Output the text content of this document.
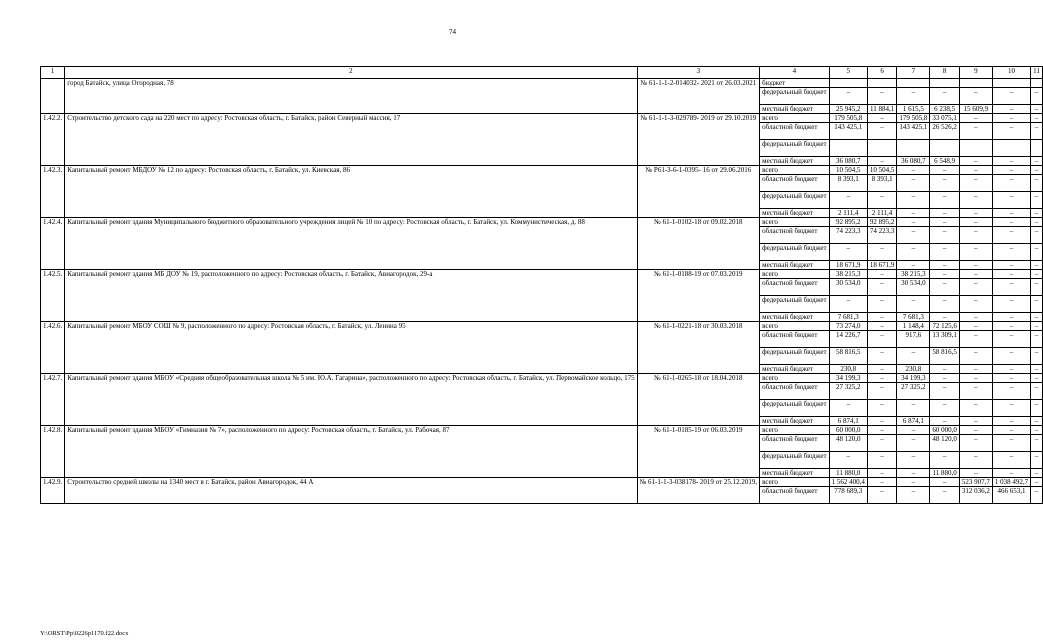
74
1	2	3	4	5	6	7	8	9	10	11
	город Батайск, улица Огородная, 78	№ 61-1-1-2-014032- 2021 от 26.03.2021	бюджет							
			федеральный бюджет	–	–	–	–	–	–	–
			местный бюджет	25 945,2	11 884,1	1 615,5	6 238,5	15 609,9	–	–
1.42.2.	Строительство детского сада на 220 мест по адресу: Ростовская область, г. Батайск, район Северный массив, 17	№ 61-1-1-3-029789- 2019 от 29.10.2019	всего	179 505,8	–	179 505,8	33 075,1	–	–	–
			областной бюджет	143 425,1	–	143 425,1	26 526,2	–	–	–
			федеральный бюджет							
			местный бюджет	36 080,7	–	36 080,7	6 548,9	–	–	–
1.42.3.	Капитальный ремонт МБДОУ № 12 по адресу: Ростовская область, г. Батайск, ул. Киевская, 86	№ Р61-3-6-1-0395- 16 от 29.06.2016	всего	10 504,5	10 504,5	–	–	–	–	–
			областной бюджет	8 393,1	8 393,1	–	–	–	–	–
			федеральный бюджет	–	–	–	–	–	–	–
			местный бюджет	2 111,4	2 111,4	–	–	–	–	–
1.42.4.	Капитальный ремонт здания Муниципального бюджетного образовательного учреждения лицей № 10 по адресу: Ростовская область, г. Батайск, ул. Коммунистическая, д. 88	№ 61-1-0102-18 от 09.02.2018	всего	92 895,2	92 895,2	–	–	–	–	–
			областной бюджет	74 223,3	74 223,3	–	–	–	–	–
			федеральный бюджет	–	–	–	–	–	–	–
			местный бюджет	18 671,9	18 671,9	–	–	–	–	–
1.42.5.	Капитальный ремонт здания МБ ДОУ № 19, расположенного по адресу: Ростовская область, г. Батайск, Авиагородок, 29-а	№ 61-1-0188-19 от 07.03.2019	всего	38 215,3	–	38 215,3	–	–	–	–
			областной бюджет	30 534,0	–	30 534,0	–	–	–	–
			федеральный бюджет	–	–	–	–	–	–	–
			местный бюджет	7 681,3	–	7 681,3	–	–	–	–
1.42.6.	Капитальный ремонт МБОУ СОШ № 9, расположенного по адресу: Ростовская область, г. Батайск, ул. Ленина 95	№ 61-1-0221-18 от 30.03.2018	всего	73 274,0	–	1 148,4	72 125,6	–	–	–
			областной бюджет	14 226,7	–	917,6	13 309,1	–	–	–
			федеральный бюджет	58 816,5	–	–	58 816,5	–	–	–
			местный бюджет	230,8	–	230,8	–	–	–	–
1.42.7.	Капитальный ремонт здания МБОУ «Средняя общеобразовательная школа № 5 им. Ю.А. Гагарина», расположенного по адресу: Ростовская область, г. Батайск, ул. Первомайское кольцо, 175	№ 61-1-0265-18 от 18.04.2018	всего	34 199,3	–	34 199,3	–	–	–	–
			областной бюджет	27 325,2	–	27 325,2	–	–	–	–
			федеральный бюджет	–	–	–	–	–	–	–
			местный бюджет	6 874,1	–	6 874,1	–	–	–	–
1.42.8.	Капитальный ремонт здания МБОУ «Гимназия № 7», расположенного по адресу: Ростовская область, г. Батайск, ул. Рабочая, 87	№ 61-1-0185-19 от 06.03.2019	всего	60 000,0	–	–	60 000,0	–	–	–
			областной бюджет	48 120,0	–	–	48 120,0	–	–	–
			федеральный бюджет	–	–	–	–	–	–	–
			местный бюджет	11 880,0	–	–	11 880,0	–	–	–
1.42.9.	Строительство средней школы на 1340 мест в г. Батайск, район Авиагородок, 44 А	№ 61-1-1-3-038178- 2019 от 25.12.2019,	всего	1 562 400,4	–	–	–	523 907,7	1 038 492,7	–
			областной бюджет	778 689,3	–	–	–	312 036,2	466 653,1	–
Y:\ORST\Pp\0226p1170.f22.docx
